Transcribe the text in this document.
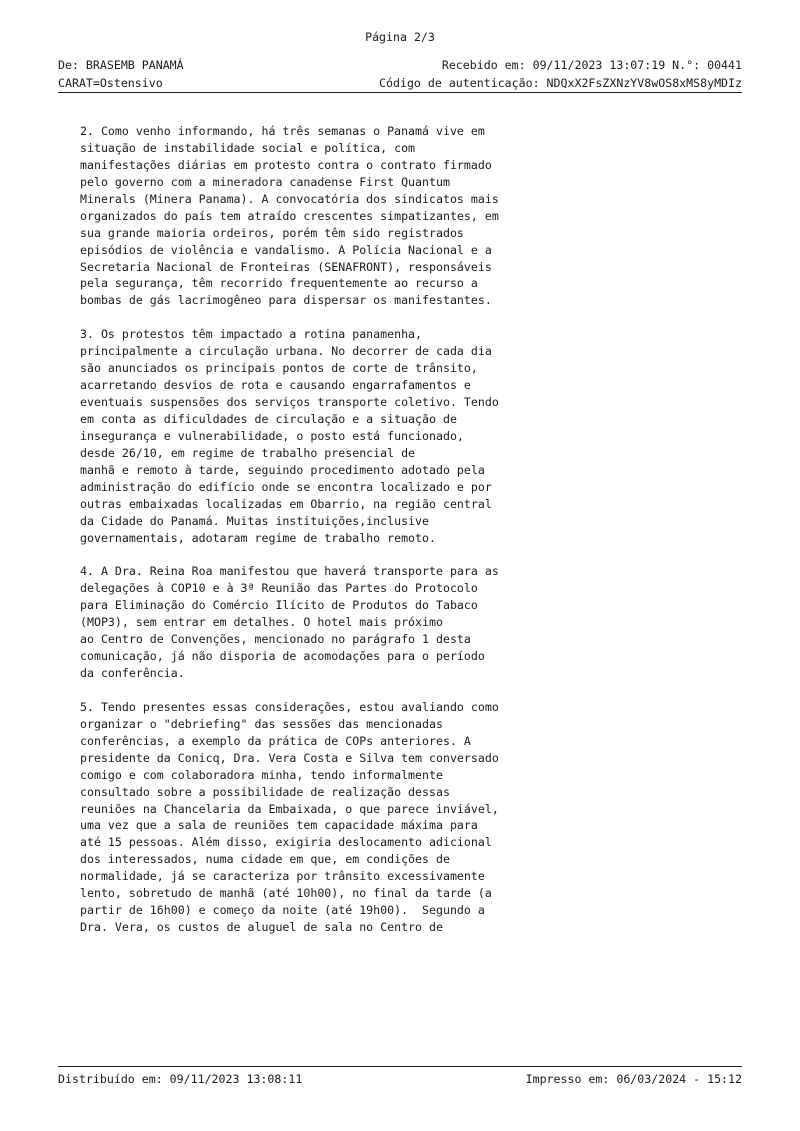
Página 2/3
De: BRASEMB PANAMÁ	Recebido em: 09/11/2023 13:07:19 N.°: 00441
CARAT=Ostensivo	Código de autenticação: NDQxX2FsZXNzYV8wOS8xMS8yMDIz
2. Como venho informando, há três semanas o Panamá vive em
situação de instabilidade social e política, com
manifestações diárias em protesto contra o contrato firmado
pelo governo com a mineradora canadense First Quantum
Minerals (Minera Panama). A convocatória dos sindicatos mais
organizados do país tem atraído crescentes simpatizantes, em
sua grande maioria ordeiros, porém têm sido registrados
episódios de violência e vandalismo. A Polícia Nacional e a
Secretaria Nacional de Fronteiras (SENAFRONT), responsáveis
pela segurança, têm recorrido frequentemente ao recurso a
bombas de gás lacrimogêneo para dispersar os manifestantes.
3. Os protestos têm impactado a rotina panamenha,
principalmente a circulação urbana. No decorrer de cada dia
são anunciados os principais pontos de corte de trânsito,
acarretando desvios de rota e causando engarrafamentos e
eventuais suspensões dos serviços transporte coletivo. Tendo
em conta as dificuldades de circulação e a situação de
insegurança e vulnerabilidade, o posto está funcionado,
desde 26/10, em regime de trabalho presencial de
manhã e remoto à tarde, seguindo procedimento adotado pela
administração do edifício onde se encontra localizado e por
outras embaixadas localizadas em Obarrio, na região central
da Cidade do Panamá. Muitas instituições,inclusive
governamentais, adotaram regime de trabalho remoto.
4. A Dra. Reina Roa manifestou que haverá transporte para as
delegações à COP10 e à 3ª Reunião das Partes do Protocolo
para Eliminação do Comércio Ilícito de Produtos do Tabaco
(MOP3), sem entrar em detalhes. O hotel mais próximo
ao Centro de Convenções, mencionado no parágrafo 1 desta
comunicação, já não disporia de acomodações para o período
da conferência.
5. Tendo presentes essas considerações, estou avaliando como
organizar o "debriefing" das sessões das mencionadas
conferências, a exemplo da prática de COPs anteriores. A
presidente da Conicq, Dra. Vera Costa e Silva tem conversado
comigo e com colaboradora minha, tendo informalmente
consultado sobre a possibilidade de realização dessas
reuniões na Chancelaria da Embaixada, o que parece inviável,
uma vez que a sala de reuniões tem capacidade máxima para
até 15 pessoas. Além disso, exigiria deslocamento adicional
dos interessados, numa cidade em que, em condições de
normalidade, já se caracteriza por trânsito excessivamente
lento, sobretudo de manhã (até 10h00), no final da tarde (a
partir de 16h00) e começo da noite (até 19h00).  Segundo a
Dra. Vera, os custos de aluguel de sala no Centro de
Distribuído em: 09/11/2023 13:08:11	Impresso em: 06/03/2024 - 15:12
